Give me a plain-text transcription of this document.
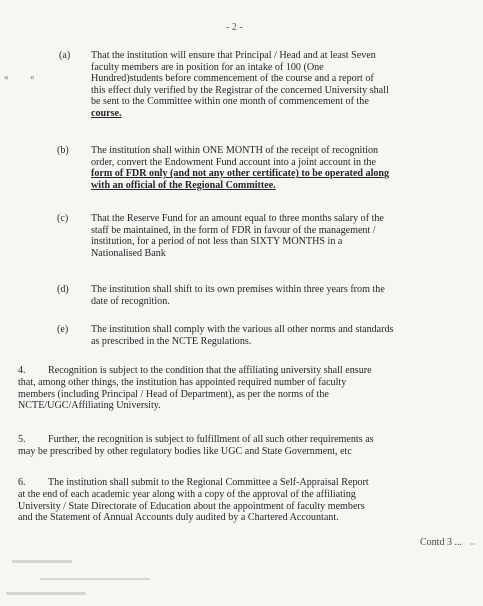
- 2 -
« «
(a) That the institution will ensure that Principal / Head and at least Seven
faculty members are in position for an intake of 100 (One
Hundred)students before commencement of the course and a report of
this effect duly verified by the Registrar of the concerned University shall
be sent to the Committee within one month of commencement of the
course.
(b) The institution shall within ONE MONTH of the receipt of recognition
order, convert the Endowment Fund account into a joint account in the
form of FDR only (and not any other certificate) to be operated along
with an official of the Regional Committee.
(c) That the Reserve Fund for an amount equal to three months salary of the
staff be maintained, in the form of FDR in favour of the management /
institution, for a period of not less than SIXTY MONTHS in a
Nationalised Bank
(d) The institution shall shift to its own premises within three years from the
date of recognition.
(e) The institution shall comply with the various all other norms and standards
as prescribed in the NCTE Regulations.
4. Recognition is subject to the condition that the affiliating university shall ensure
that, among other things, the institution has appointed required number of faculty
members (including Principal / Head of Department), as per the norms of the
NCTE/UGC/Affiliating University.
5. Further, the recognition is subject to fulfillment of all such other requirements as
may be prescribed by other regulatory bodies like UGC and State Government, etc
6. The institution shall submit to the Regional Committee a Self-Appraisal Report
at the end of each academic year along with a copy of the approval of the affiliating
University / State Directorate of Education about the appointment of faculty members
and the Statement of Annual Accounts duly audited by a Chartered Accountant.
Contd 3 ...
